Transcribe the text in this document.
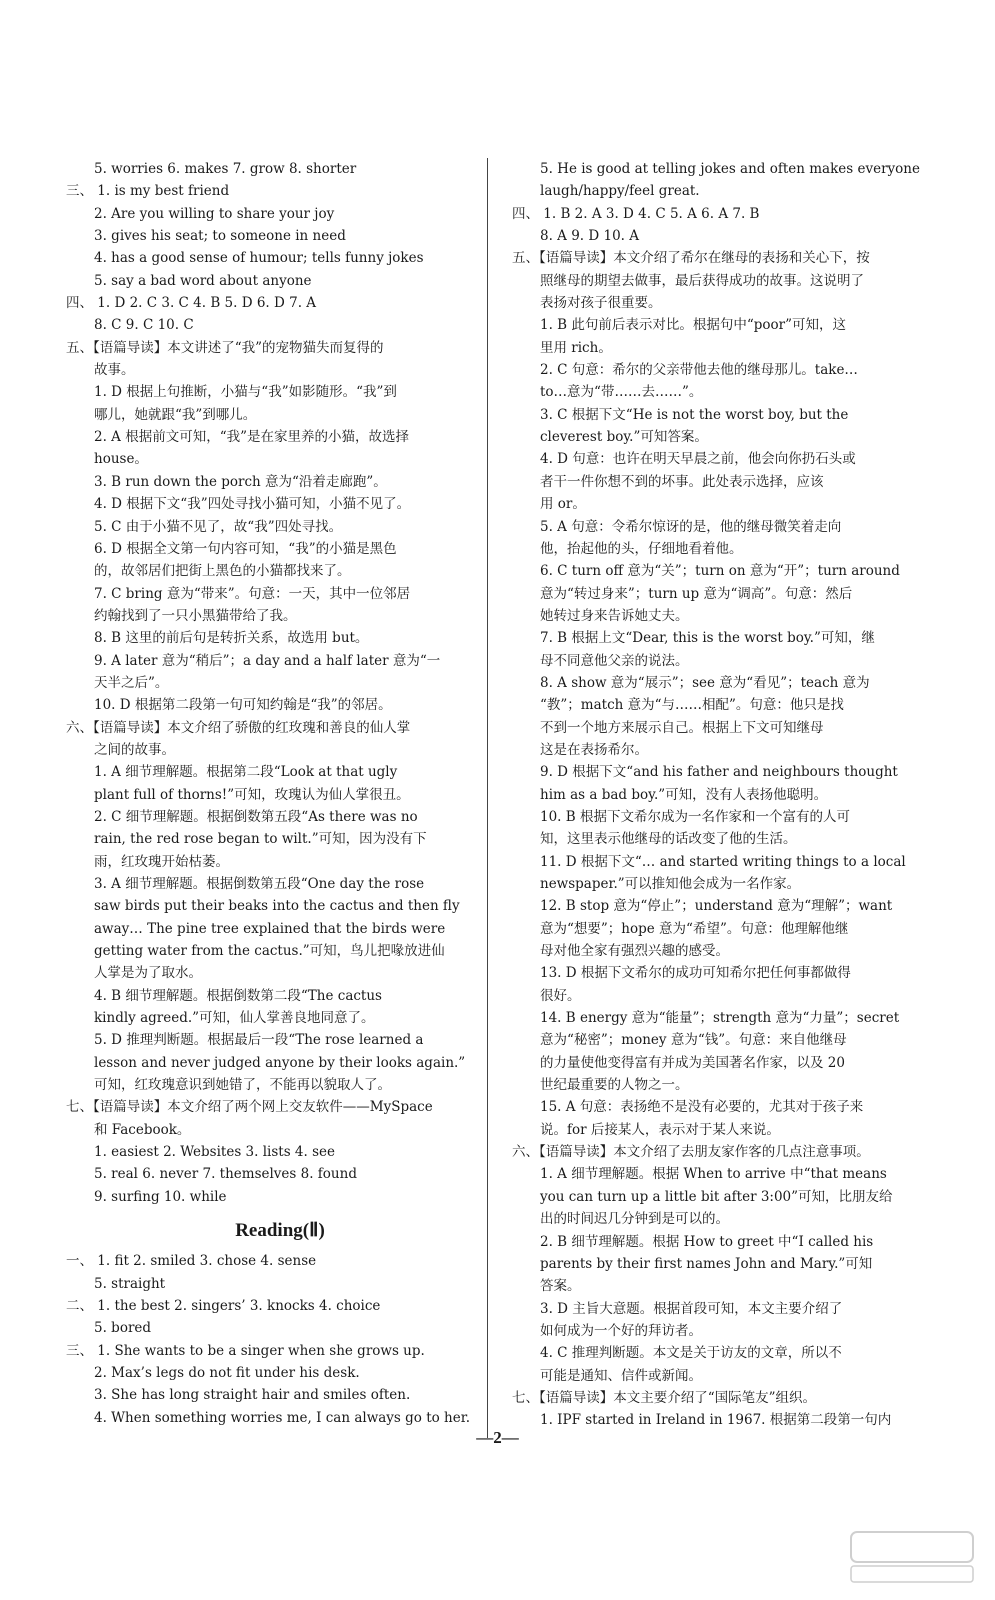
5. worries 6. makes 7. grow 8. shorter
三、 1. is my best friend
2. Are you willing to share your joy
3. gives his seat; to someone in need
4. has a good sense of humour; tells funny jokes
5. say a bad word about anyone
四、 1. D 2. C 3. C 4. B 5. D 6. D 7. A
8. C 9. C 10. C
五、【语篇导读】本文讲述了“我”的宠物猫失而复得的
故事。
1. D 根据上句推断，小猫与“我”如影随形。“我”到
哪儿，她就跟“我”到哪儿。
2. A 根据前文可知，“我”是在家里养的小猫，故选择
house。
3. B run down the porch 意为“沿着走廊跑”。
4. D 根据下文“我”四处寻找小猫可知，小猫不见了。
5. C 由于小猫不见了，故“我”四处寻找。
6. D 根据全文第一句内容可知，“我”的小猫是黑色
的，故邻居们把街上黑色的小猫都找来了。
7. C bring 意为“带来”。句意：一天，其中一位邻居
约翰找到了一只小黑猫带给了我。
8. B 这里的前后句是转折关系，故选用 but。
9. A later 意为“稍后”；a day and a half later 意为“一
天半之后”。
10. D 根据第二段第一句可知约翰是“我”的邻居。
六、【语篇导读】本文介绍了骄傲的红玫瑰和善良的仙人掌
之间的故事。
1. A 细节理解题。根据第二段“Look at that ugly
plant full of thorns!”可知，玫瑰认为仙人掌很丑。
2. C 细节理解题。根据倒数第五段“As there was no
rain, the red rose began to wilt.”可知，因为没有下
雨，红玫瑰开始枯萎。
3. A 细节理解题。根据倒数第五段“One day the rose
saw birds put their beaks into the cactus and then fly
away… The pine tree explained that the birds were
getting water from the cactus.”可知，鸟儿把喙放进仙
人掌是为了取水。
4. B 细节理解题。根据倒数第二段“The cactus
kindly agreed.”可知，仙人掌善良地同意了。
5. D 推理判断题。根据最后一段“The rose learned a
lesson and never judged anyone by their looks again.”
可知，红玫瑰意识到她错了，不能再以貌取人了。
七、【语篇导读】本文介绍了两个网上交友软件——MySpace
和 Facebook。
1. easiest 2. Websites 3. lists 4. see
5. real 6. never 7. themselves 8. found
9. surfing 10. while
Reading(Ⅱ)
一、 1. fit 2. smiled 3. chose 4. sense
5. straight
二、 1. the best 2. singers’ 3. knocks 4. choice
5. bored
三、 1. She wants to be a singer when she grows up.
2. Max’s legs do not fit under his desk.
3. She has long straight hair and smiles often.
4. When something worries me, I can always go to her.
5. He is good at telling jokes and often makes everyone
laugh/happy/feel great.
四、 1. B 2. A 3. D 4. C 5. A 6. A 7. B
8. A 9. D 10. A
五、【语篇导读】本文介绍了希尔在继母的表扬和关心下，按
照继母的期望去做事，最后获得成功的故事。这说明了
表扬对孩子很重要。
1. B 此句前后表示对比。根据句中“poor”可知，这
里用 rich。
2. C 句意：希尔的父亲带他去他的继母那儿。take…
to…意为“带……去……”。
3. C 根据下文“He is not the worst boy, but the
cleverest boy.”可知答案。
4. D 句意：也许在明天早晨之前，他会向你扔石头或
者干一件你想不到的坏事。此处表示选择，应该
用 or。
5. A 句意：令希尔惊讶的是，他的继母微笑着走向
他，抬起他的头，仔细地看着他。
6. C turn off 意为“关”；turn on 意为“开”；turn around
意为“转过身来”；turn up 意为“调高”。句意：然后
她转过身来告诉她丈夫。
7. B 根据上文“Dear, this is the worst boy.”可知，继
母不同意他父亲的说法。
8. A show 意为“展示”；see 意为“看见”；teach 意为
“教”；match 意为“与……相配”。句意：他只是找
不到一个地方来展示自己。根据上下文可知继母
这是在表扬希尔。
9. D 根据下文“and his father and neighbours thought
him as a bad boy.”可知，没有人表扬他聪明。
10. B 根据下文希尔成为一名作家和一个富有的人可
知，这里表示他继母的话改变了他的生活。
11. D 根据下文“… and started writing things to a local
newspaper.”可以推知他会成为一名作家。
12. B stop 意为“停止”；understand 意为“理解”；want
意为“想要”；hope 意为“希望”。句意：他理解他继
母对他全家有强烈兴趣的感受。
13. D 根据下文希尔的成功可知希尔把任何事都做得
很好。
14. B energy 意为“能量”；strength 意为“力量”；secret
意为“秘密”；money 意为“钱”。句意：来自他继母
的力量使他变得富有并成为美国著名作家，以及 20
世纪最重要的人物之一。
15. A 句意：表扬绝不是没有必要的，尤其对于孩子来
说。for 后接某人，表示对于某人来说。
六、【语篇导读】本文介绍了去朋友家作客的几点注意事项。
1. A 细节理解题。根据 When to arrive 中“that means
you can turn up a little bit after 3:00”可知，比朋友给
出的时间迟几分钟到是可以的。
2. B 细节理解题。根据 How to greet 中“I called his
parents by their first names John and Mary.”可知
答案。
3. D 主旨大意题。根据首段可知，本文主要介绍了
如何成为一个好的拜访者。
4. C 推理判断题。本文是关于访友的文章，所以不
可能是通知、信件或新闻。
七、【语篇导读】本文主要介绍了“国际笔友”组织。
1. IPF started in Ireland in 1967. 根据第二段第一句内
—2—
